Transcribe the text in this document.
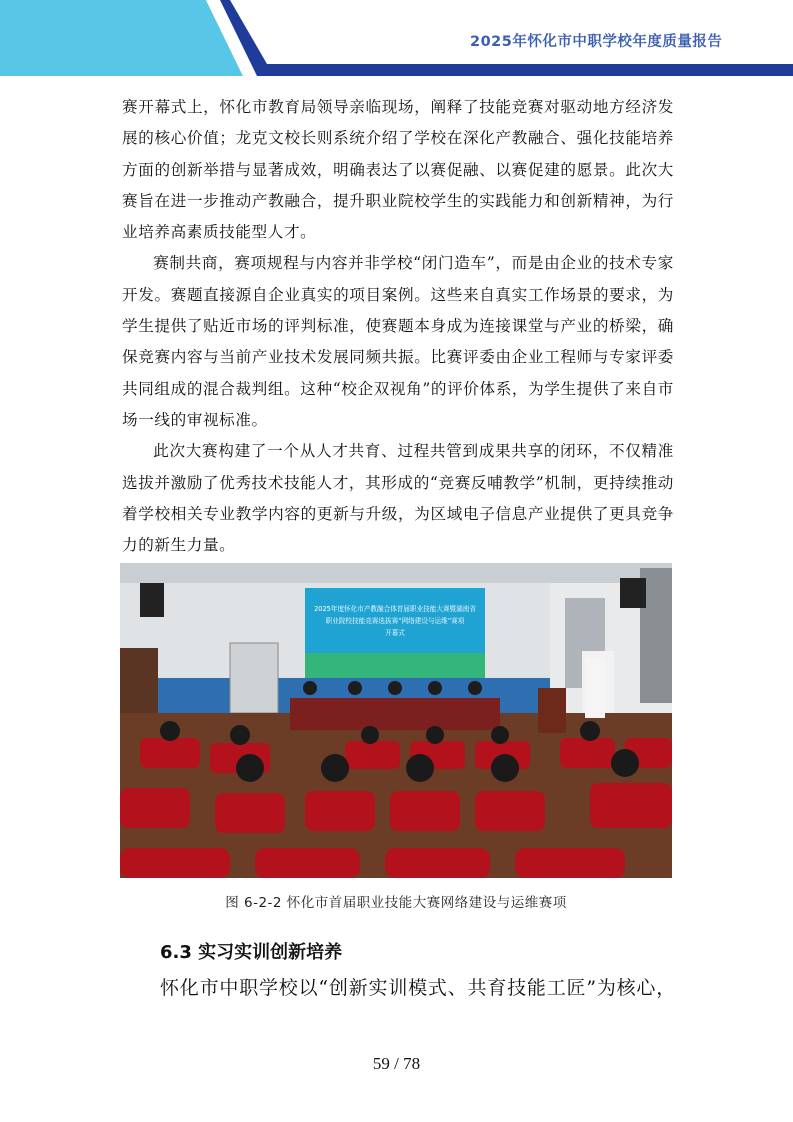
2025年怀化市中职学校年度质量报告

赛开幕式上，怀化市教育局领导亲临现场，阐释了技能竞赛对驱动地方经济发展的核心价值；龙克文校长则系统介绍了学校在深化产教融合、强化技能培养方面的创新举措与显著成效，明确表达了以赛促融、以赛促建的愿景。此次大赛旨在进一步推动产教融合，提升职业院校学生的实践能力和创新精神，为行业培养高素质技能型人才。

赛制共商，赛项规程与内容并非学校“闭门造车”，而是由企业的技术专家开发。赛题直接源自企业真实的项目案例。这些来自真实工作场景的要求，为学生提供了贴近市场的评判标准，使赛题本身成为连接课堂与产业的桥梁，确保竞赛内容与当前产业技术发展同频共振。比赛评委由企业工程师与专家评委共同组成的混合裁判组。这种“校企双视角”的评价体系，为学生提供了来自市场一线的审视标准。

此次大赛构建了一个从人才共育、过程共管到成果共享的闭环，不仅精准选拔并激励了优秀技术技能人才，其形成的“竞赛反哺教学”机制，更持续推动着学校相关专业教学内容的更新与升级，为区域电子信息产业提供了更具竞争力的新生力量。

2025年度怀化市产教融合体首届职业技能大赛暨湖南省
职业院校技能竞赛选拔赛“网络建设与运维”赛项
开幕式
图 6-2-2 怀化市首届职业技能大赛网络建设与运维赛项
6.3 实习实训创新培养

怀化市中职学校以“创新实训模式、共育技能工匠”为核心，

59 / 78
